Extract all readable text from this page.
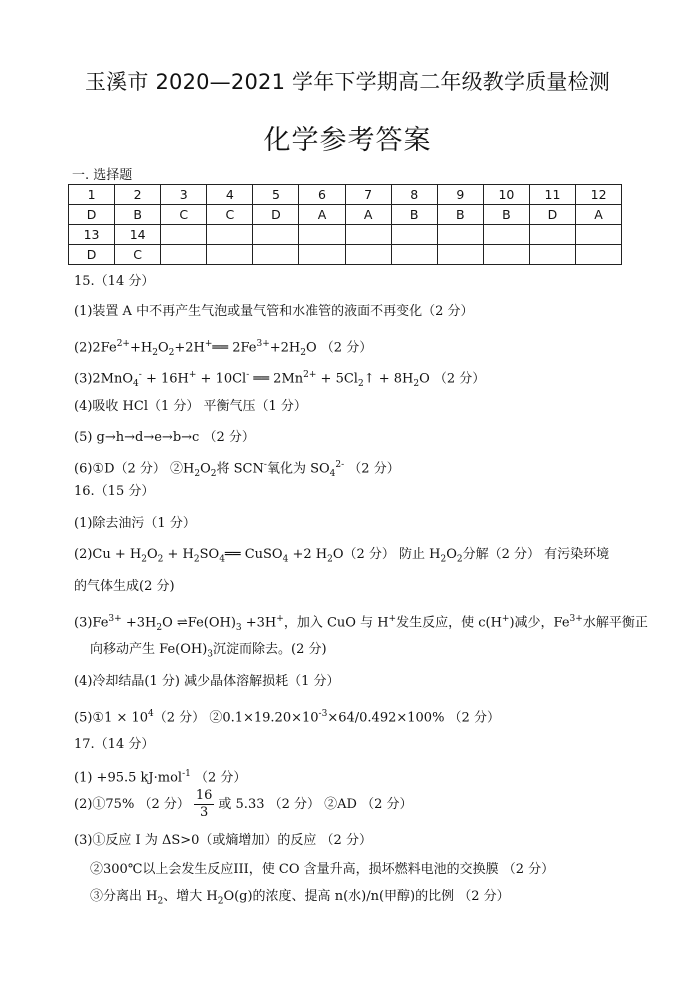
玉溪市 2020—2021 学年下学期高二年级教学质量检测
化学参考答案
一. 选择题
1	2	3	4	5	6	7	8	9	10	11	12
D	B	C	C	D	A	A	B	B	B	D	A
13	14										
D	C										
15.（14 分）
(1)装置 A 中不再产生气泡或量气管和水准管的液面不再变化（2 分）
$(2)2Fe^{2+}+H_2O_2+2H^+══$ $2Fe^{3+}+2H_2O$ （2 分）
(3)2MnO$_4$- + 16H+ + 10Cl- ══ $2Mn^{2+}$ + $5Cl_2↑ + 8H_2O$ （2 分）
(4)吸收 HCl（1 分） 平衡气压（1 分）
(5) g→h→d→e→b→c （2 分）
(6)①D（2 分） $②H_2O_2$将 SCN-氧化为 $SO_4^{2-}$ （2 分）
16.（15 分）
(1)除去油污（1 分）
$(2)Cu + H_2O_2$ + $H_2SO_4══$ CuSO$_4$ +2 $H_2O(2$ 分） 防止 $H_2O_2$分解（2 分） 有污染环境
的气体生成(2 分)
$(3)Fe^{3+} +3H_2O$ $\rightleftharpoons Fe(OH)_3 +3H^+$，加入 CuO 与 H+发生反应，使 c(H+)减少，$Fe^{3+}$水解平衡正
向移动产生 $Fe(OH)_3$沉淀而除去。(2 分)
(4)冷却结晶(1 分) 减少晶体溶解损耗（1 分）
(5)①1 × $10^4(2$ 分） $②0.1\times 19.20\times 10^{-3}\times 64/0.492\times 100\%$ （2 分）
17.（14 分）
(1) +95.5 kJ·mol$^{-1}$ （2 分）
(2)①75% （2 分） $\frac{16}{3}$ 或 5.33 （2 分） ②AD （2 分）
(3)①反应 I 为 ΔS>0（或熵增加）的反应 （2 分）
②300℃以上会发生反应III，使 CO 含量升高，损坏燃料电池的交换膜 （2 分）
③分离出 $H_2$、增大 $H_2O(g)$的浓度、提高 n(水)/n(甲醇)的比例 （2 分）
